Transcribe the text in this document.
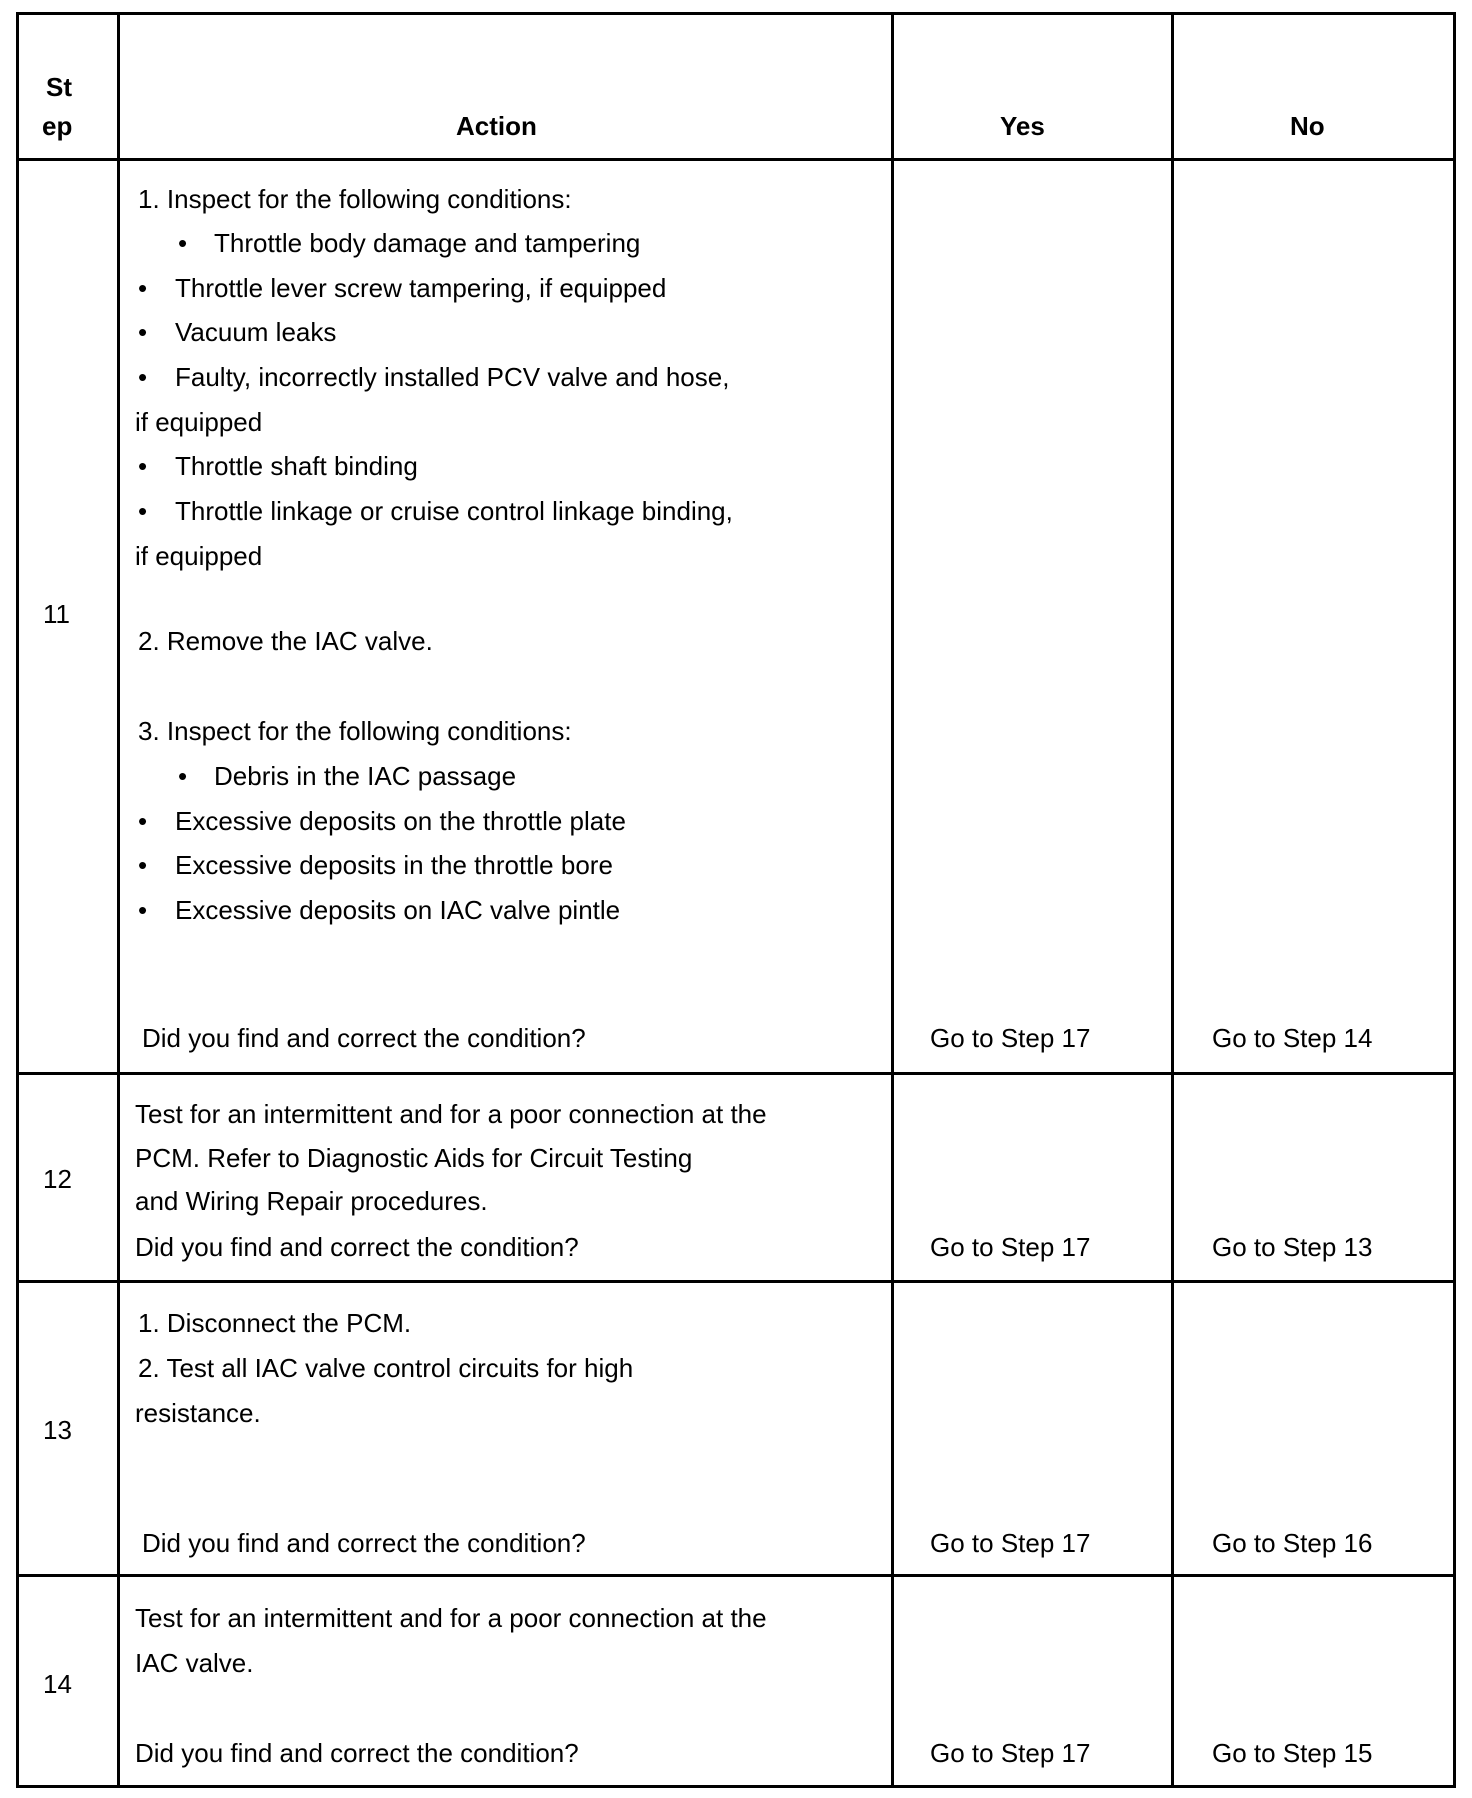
St
ep	Action	Yes	No
11
1. Inspect for the following conditions:
• Throttle body damage and tampering
• Throttle lever screw tampering, if equipped
• Vacuum leaks
• Faulty, incorrectly installed PCV valve and hose,
if equipped
• Throttle shaft binding
• Throttle linkage or cruise control linkage binding,
if equipped
2. Remove the IAC valve.
3. Inspect for the following conditions:
• Debris in the IAC passage
• Excessive deposits on the throttle plate
• Excessive deposits in the throttle bore
• Excessive deposits on IAC valve pintle
Did you find and correct the condition?	Go to Step 17	Go to Step 14
12
Test for an intermittent and for a poor connection at the
PCM. Refer to Diagnostic Aids for Circuit Testing
and Wiring Repair procedures.
Did you find and correct the condition?	Go to Step 17	Go to Step 13
13
1. Disconnect the PCM.
2. Test all IAC valve control circuits for high
resistance.
Did you find and correct the condition?	Go to Step 17	Go to Step 16
14
Test for an intermittent and for a poor connection at the
IAC valve.
Did you find and correct the condition?	Go to Step 17	Go to Step 15
